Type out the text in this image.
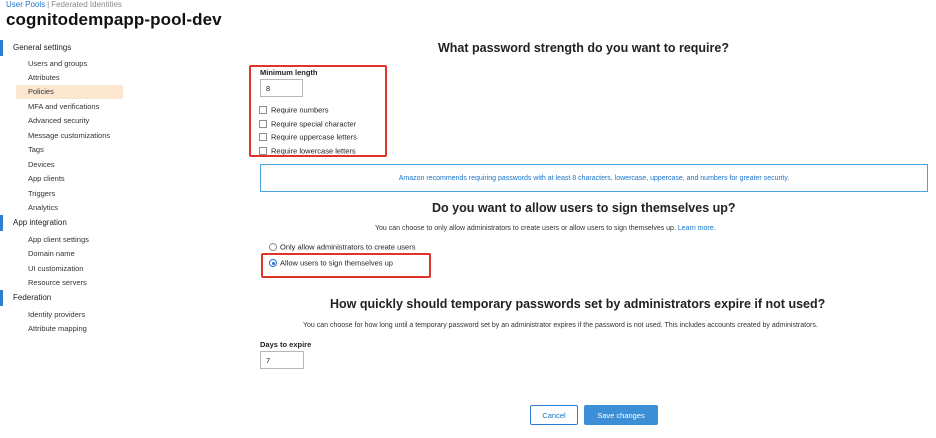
User Pools | Federated Identities
cognitodempapp-pool-dev
General settings
Users and groups
Attributes
Policies
MFA and verifications
Advanced security
Message customizations
Tags
Devices
App clients
Triggers
Analytics
App integration
App client settings
Domain name
UI customization
Resource servers
Federation
Identity providers
Attribute mapping
What password strength do you want to require?
Minimum length
8
Require numbers
Require special character
Require uppercase letters
Require lowercase letters
Amazon recommends requiring passwords with at least 8 characters, lowercase, uppercase, and numbers for greater security.
Do you want to allow users to sign themselves up?
You can choose to only allow administrators to create users or allow users to sign themselves up. Learn more.
Only allow administrators to create users
Allow users to sign themselves up
How quickly should temporary passwords set by administrators expire if not used?
You can choose for how long until a temporary password set by an administrator expires if the password is not used. This includes accounts created by administrators.
Days to expire
7
Cancel	Save changes
